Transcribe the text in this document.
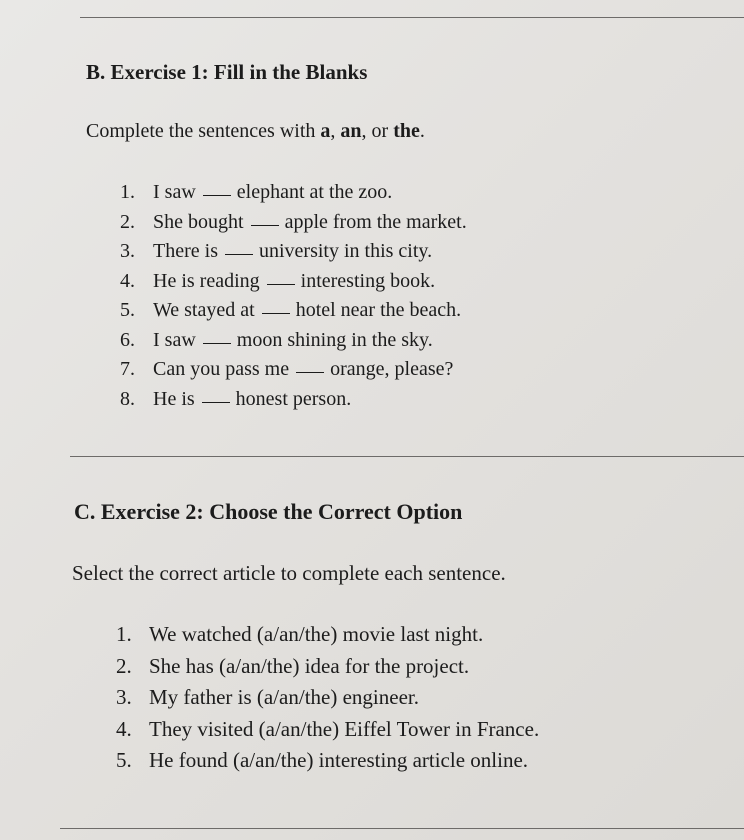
B. Exercise 1: Fill in the Blanks
Complete the sentences with a, an, or the.
1. I saw elephant at the zoo.
2. She bought apple from the market.
3. There is university in this city.
4. He is reading interesting book.
5. We stayed at hotel near the beach.
6. I saw moon shining in the sky.
7. Can you pass me orange, please?
8. He is honest person.
C. Exercise 2: Choose the Correct Option
Select the correct article to complete each sentence.
1. We watched (a/an/the) movie last night.
2. She has (a/an/the) idea for the project.
3. My father is (a/an/the) engineer.
4. They visited (a/an/the) Eiffel Tower in France.
5. He found (a/an/the) interesting article online.
